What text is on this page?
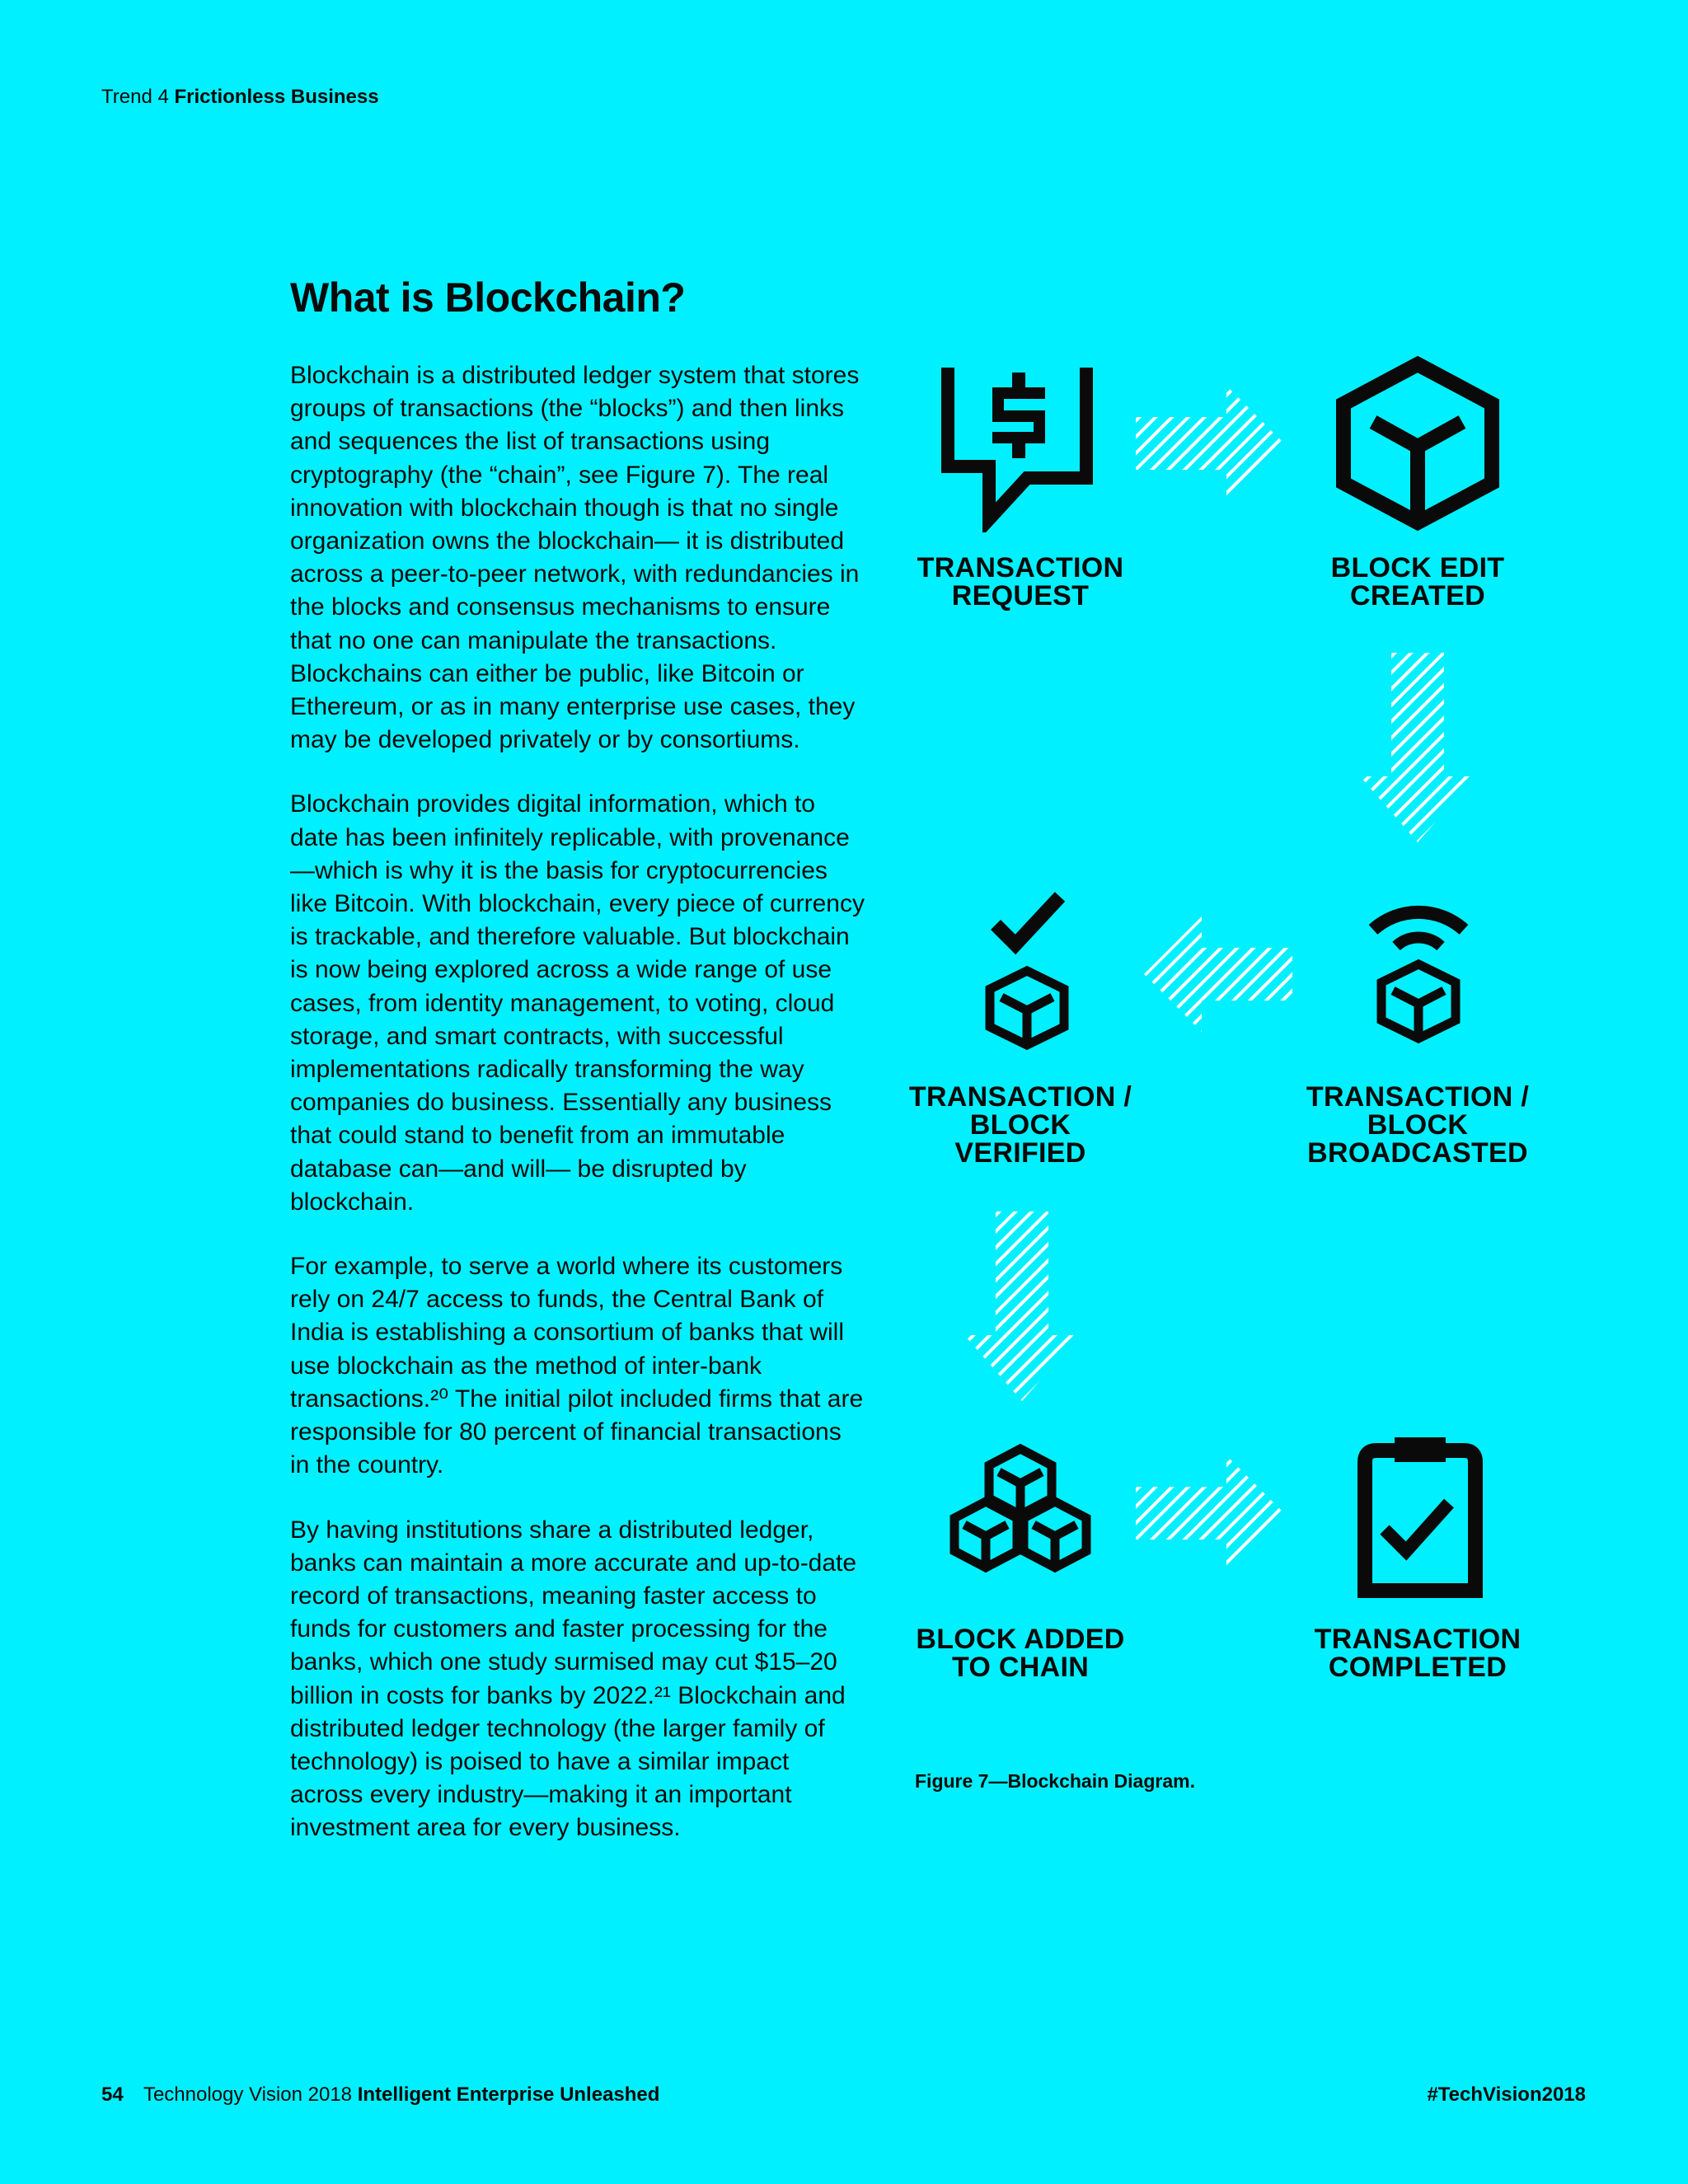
Trend 4 Frictionless Business
What is Blockchain?

Blockchain is a distributed ledger system that stores groups of transactions (the “blocks”) and then links and sequences the list of transactions using cryptography (the “chain”, see Figure 7). The real innovation with blockchain though is that no single organization owns the blockchain— it is distributed across a peer-to-peer network, with redundancies in the blocks and consensus mechanisms to ensure that no one can manipulate the transactions. Blockchains can either be public, like Bitcoin or Ethereum, or as in many enterprise use cases, they may be developed privately or by consortiums.

Blockchain provides digital information, which to date has been infinitely replicable, with provenance—which is why it is the basis for cryptocurrencies like Bitcoin. With blockchain, every piece of currency is trackable, and therefore valuable. But blockchain is now being explored across a wide range of use cases, from identity management, to voting, cloud storage, and smart contracts, with successful implementations radically transforming the way companies do business. Essentially any business that could stand to benefit from an immutable database can—and will— be disrupted by blockchain.

For example, to serve a world where its customers rely on 24/7 access to funds, the Central Bank of India is establishing a consortium of banks that will use blockchain as the method of inter-bank transactions.²⁰ The initial pilot included firms that are responsible for 80 percent of financial transactions in the country.

By having institutions share a distributed ledger, banks can maintain a more accurate and up-to-date record of transactions, meaning faster access to funds for customers and faster processing for the banks, which one study surmised may cut $15–20 billion in costs for banks by 2022.²¹ Blockchain and distributed ledger technology (the larger family of technology) is poised to have a similar impact across every industry—making it an important investment area for every business.

TRANSACTION
REQUEST
BLOCK EDIT
CREATED
TRANSACTION /
BLOCK
BROADCASTED
TRANSACTION /
BLOCK
VERIFIED
BLOCK ADDED
TO CHAIN
TRANSACTION
COMPLETED
Figure 7—Blockchain Diagram.
54 Technology Vision 2018 Intelligent Enterprise Unleashed	#TechVision2018
